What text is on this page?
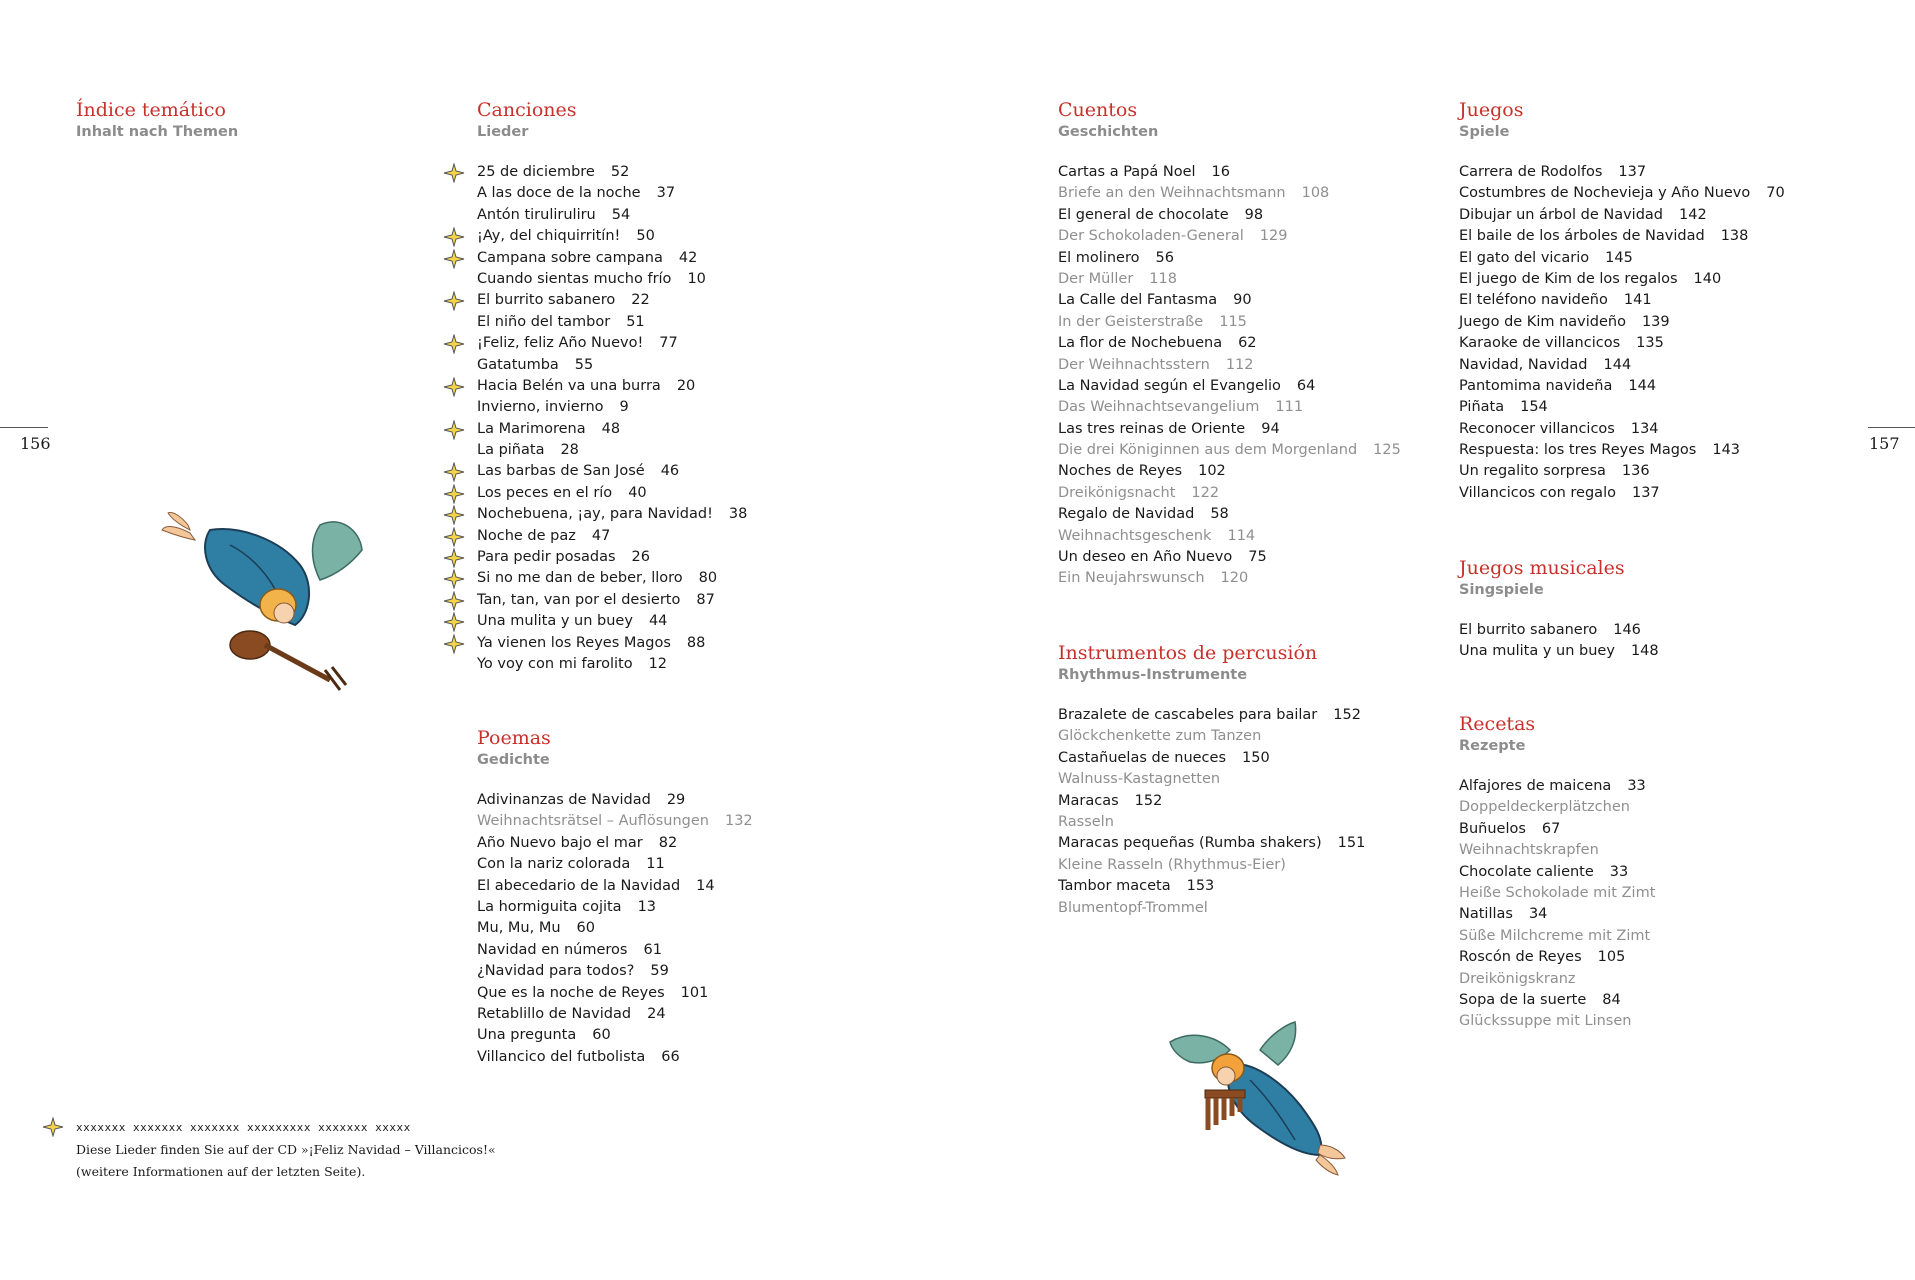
156	157
Índice temático
Inhalt nach Themen
Canciones
Lieder
25 de diciembre 52
A las doce de la noche 37
Antón tiruliruliru 54
¡Ay, del chiquirritín! 50
Campana sobre campana 42
Cuando sientas mucho frío 10
El burrito sabanero 22
El niño del tambor 51
¡Feliz, feliz Año Nuevo! 77
Gatatumba 55
Hacia Belén va una burra 20
Invierno, invierno 9
La Marimorena 48
La piñata 28
Las barbas de San José 46
Los peces en el río 40
Nochebuena, ¡ay, para Navidad! 38
Noche de paz 47
Para pedir posadas 26
Si no me dan de beber, lloro 80
Tan, tan, van por el desierto 87
Una mulita y un buey 44
Ya vienen los Reyes Magos 88
Yo voy con mi farolito 12
Poemas
Gedichte
Adivinanzas de Navidad 29
Weihnachtsrätsel – Auflösungen 132
Año Nuevo bajo el mar 82
Con la nariz colorada 11
El abecedario de la Navidad 14
La hormiguita cojita 13
Mu, Mu, Mu 60
Navidad en números 61
¿Navidad para todos? 59
Que es la noche de Reyes 101
Retablillo de Navidad 24
Una pregunta 60
Villancico del futbolista 66
Cuentos
Geschichten
Cartas a Papá Noel 16
Briefe an den Weihnachtsmann 108
El general de chocolate 98
Der Schokoladen-General 129
El molinero 56
Der Müller 118
La Calle del Fantasma 90
In der Geisterstraße 115
La flor de Nochebuena 62
Der Weihnachtsstern 112
La Navidad según el Evangelio 64
Das Weihnachtsevangelium 111
Las tres reinas de Oriente 94
Die drei Königinnen aus dem Morgenland 125
Noches de Reyes 102
Dreikönigsnacht 122
Regalo de Navidad 58
Weihnachtsgeschenk 114
Un deseo en Año Nuevo 75
Ein Neujahrswunsch 120
Instrumentos de percusión
Rhythmus-Instrumente
Brazalete de cascabeles para bailar 152
Glöckchenkette zum Tanzen
Castañuelas de nueces 150
Walnuss-Kastagnetten
Maracas 152
Rasseln
Maracas pequeñas (Rumba shakers) 151
Kleine Rasseln (Rhythmus-Eier)
Tambor maceta 153
Blumentopf-Trommel
Juegos
Spiele
Carrera de Rodolfos 137
Costumbres de Nochevieja y Año Nuevo 70
Dibujar un árbol de Navidad 142
El baile de los árboles de Navidad 138
El gato del vicario 145
El juego de Kim de los regalos 140
El teléfono navideño 141
Juego de Kim navideño 139
Karaoke de villancicos 135
Navidad, Navidad 144
Pantomima navideña 144
Piñata 154
Reconocer villancicos 134
Respuesta: los tres Reyes Magos 143
Un regalito sorpresa 136
Villancicos con regalo 137
Juegos musicales
Singspiele
El burrito sabanero 146
Una mulita y un buey 148
Recetas
Rezepte
Alfajores de maicena 33
Doppeldeckerplätzchen
Buñuelos 67
Weihnachtskrapfen
Chocolate caliente 33
Heiße Schokolade mit Zimt
Natillas 34
Süße Milchcreme mit Zimt
Roscón de Reyes 105
Dreikönigskranz
Sopa de la suerte 84
Glückssuppe mit Linsen
xxxxxxx xxxxxxx xxxxxxx xxxxxxxxx xxxxxxx xxxxx
Diese Lieder finden Sie auf der CD »¡Feliz Navidad – Villancicos!«
(weitere Informationen auf der letzten Seite).
